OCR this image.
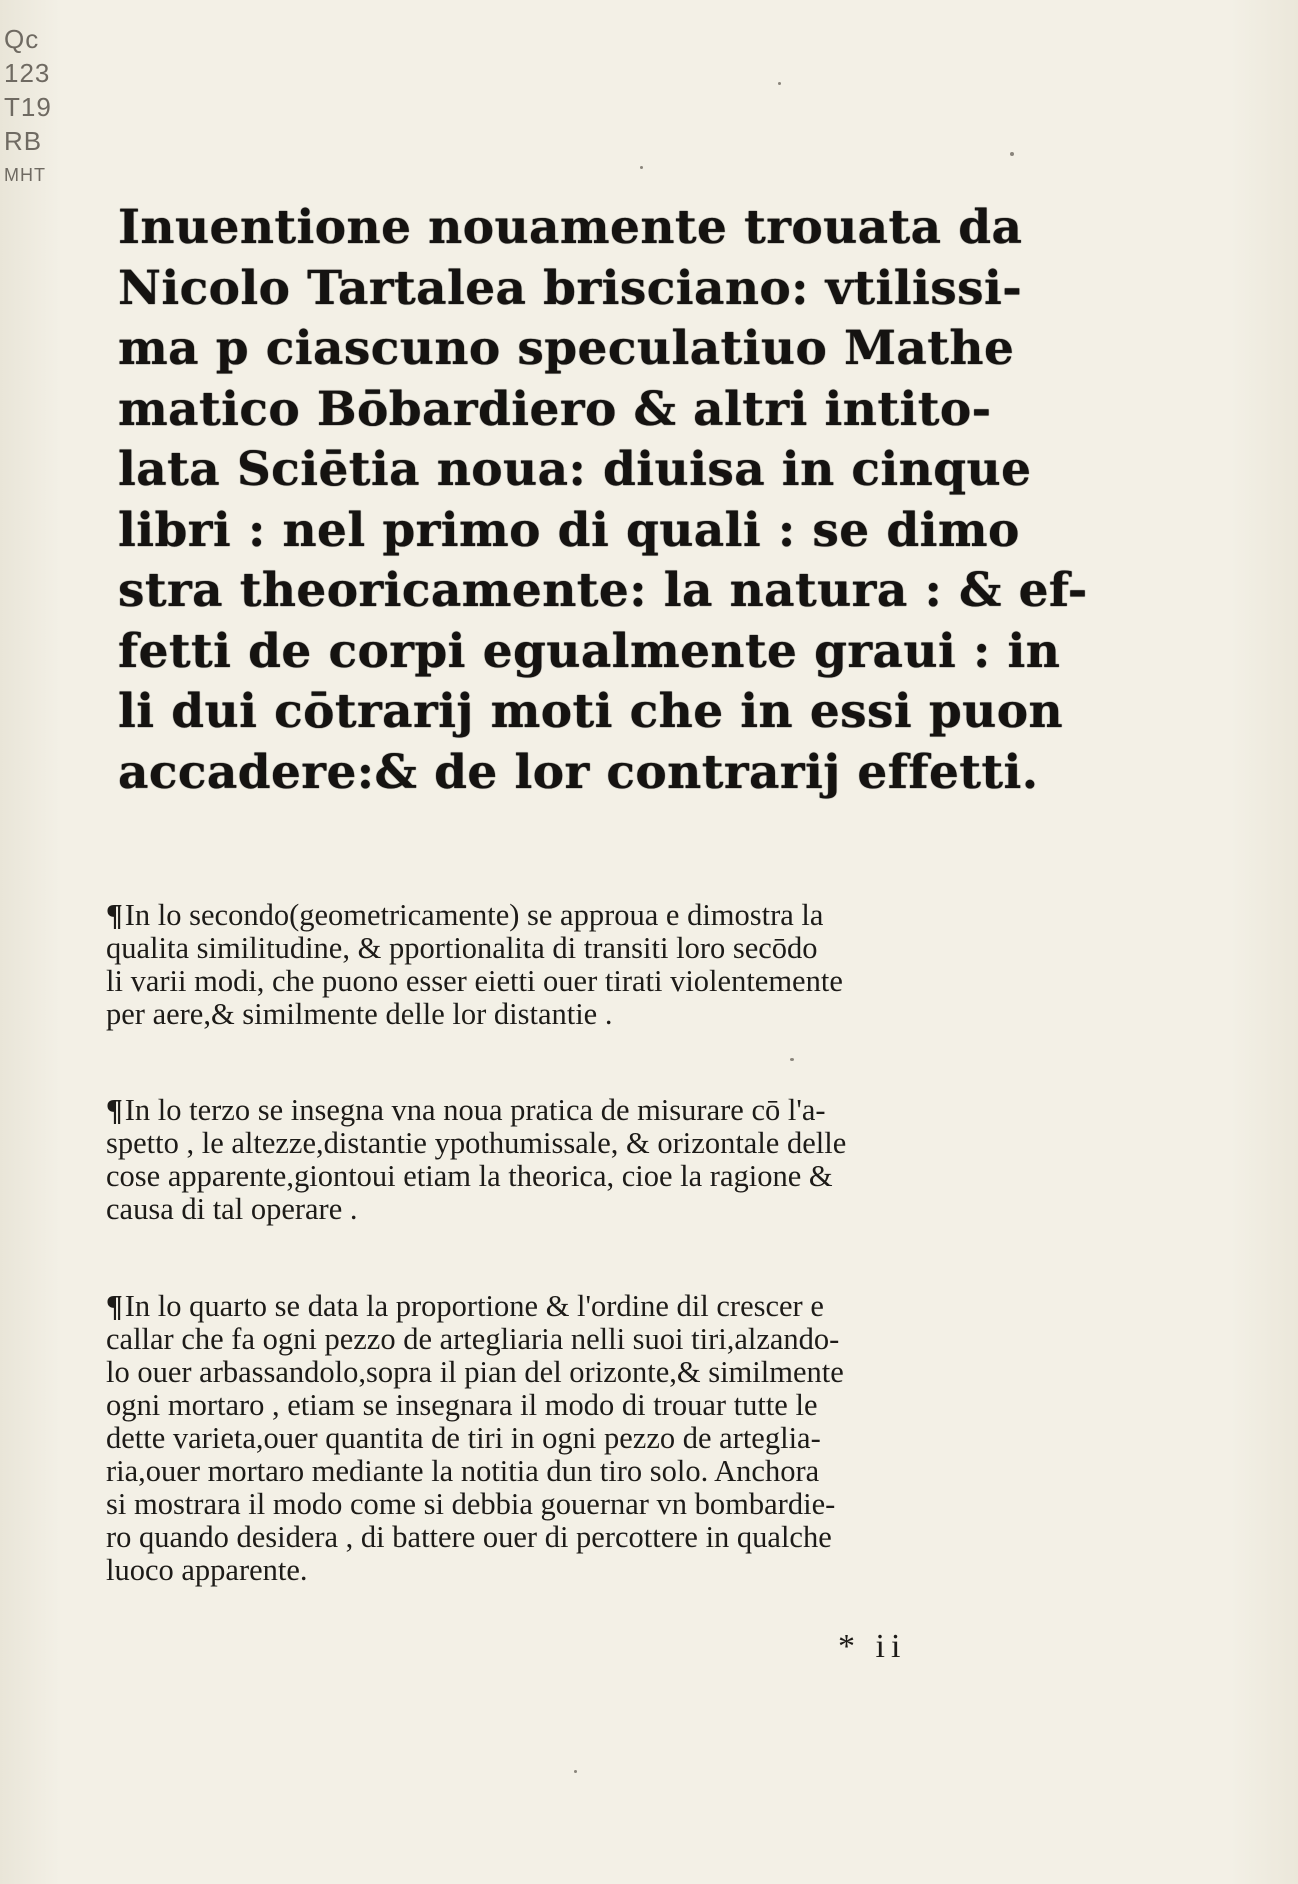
Qc
123
T19
RB
MHT
Inuentione nouamente trouata da
Nicolo Tartalea brisciano: vtilissi-
ma p ciascuno speculatiuo Mathe
matico Bōbardiero & altri intito-
lata Sciētia noua: diuisa in cinque
libri : nel primo di quali : se dimo
stra theoricamente: la natura : & ef-
fetti de corpi egualmente graui : in
li dui cōtrarij moti che in essi puon
accadere:& de lor contrarij effetti.
¶In lo secondo(geometricamente) se approua e dimostra la
qualita similitudine, & pportionalita di transiti loro secōdo
li varii modi, che puono esser eietti ouer tirati violentemente
per aere,& similmente delle lor distantie .
¶In lo terzo se insegna vna noua pratica de misurare cō l'a-
spetto , le altezze,distantie ypothumissale, & orizontale delle
cose apparente,giontoui etiam la theorica, cioe la ragione &
causa di tal operare .
¶In lo quarto se data la proportione & l'ordine dil crescer e
callar che fa ogni pezzo de artegliaria nelli suoi tiri,alzando-
lo ouer arbassandolo,sopra il pian del orizonte,& similmente
ogni mortaro , etiam se insegnara il modo di trouar tutte le
dette varieta,ouer quantita de tiri in ogni pezzo de arteglia-
ria,ouer mortaro mediante la notitia dun tiro solo. Anchora
si mostrara il modo come si debbia gouernar vn bombardie-
ro quando desidera , di battere ouer di percottere in qualche
luoco apparente.
* ii
